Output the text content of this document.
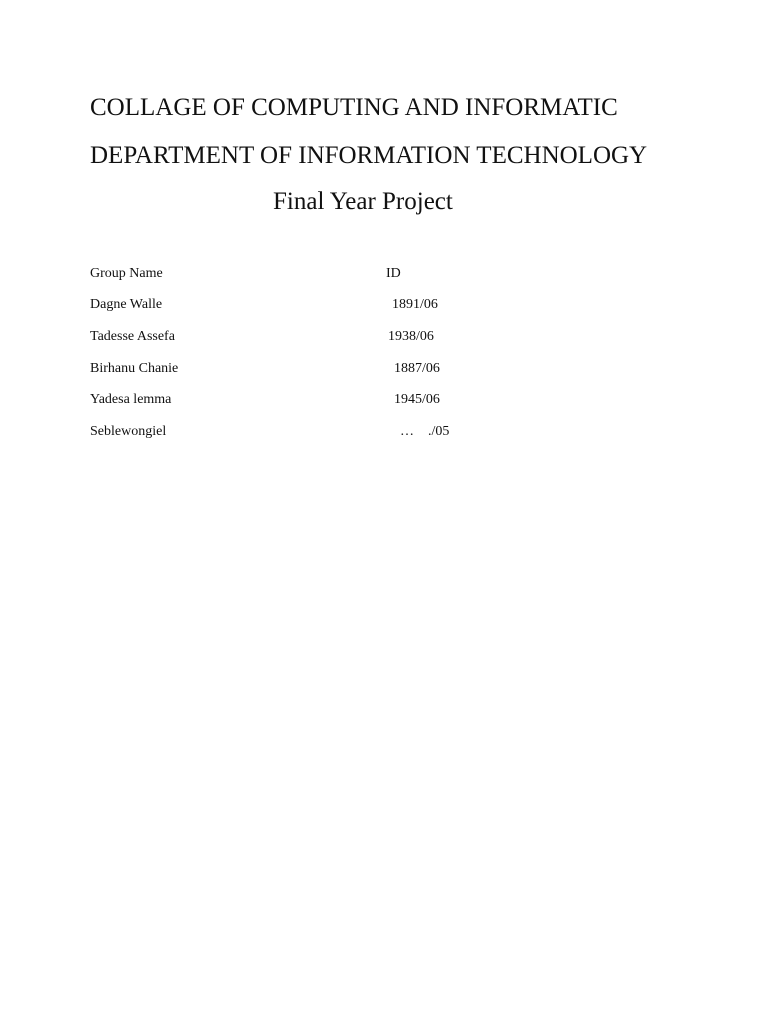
COLLAGE OF COMPUTING AND INFORMATIC
DEPARTMENT OF INFORMATION TECHNOLOGY
Final Year Project
Group Name	ID
Dagne Walle	1891/06
Tadesse Assefa	1938/06
Birhanu Chanie	1887/06
Yadesa lemma	1945/06
Seblewongiel	…    ./05
